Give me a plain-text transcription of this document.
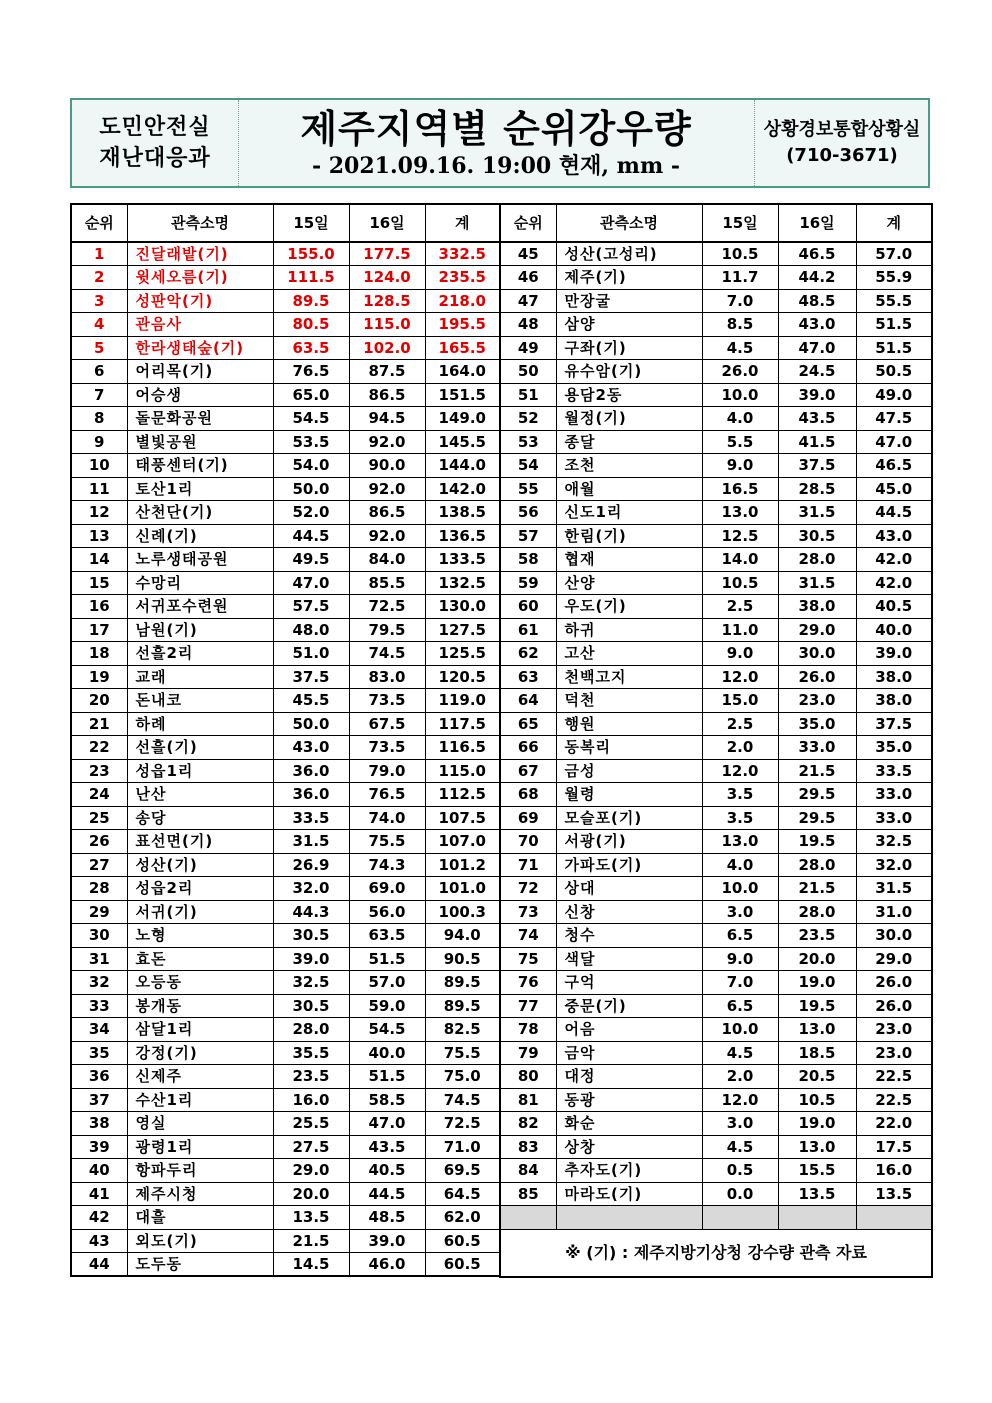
도민안전실
재난대응과
제주지역별 순위강우량
- 2021.09.16. 19:00 현재, mm -
상황경보통합상황실
(710-3671)
순위	관측소명	15일	16일	계
1	진달래밭(기)	155.0	177.5	332.5
2	윗세오름(기)	111.5	124.0	235.5
3	성판악(기)	89.5	128.5	218.0
4	관음사	80.5	115.0	195.5
5	한라생태숲(기)	63.5	102.0	165.5
6	어리목(기)	76.5	87.5	164.0
7	어승생	65.0	86.5	151.5
8	돌문화공원	54.5	94.5	149.0
9	별빛공원	53.5	92.0	145.5
10	태풍센터(기)	54.0	90.0	144.0
11	토산1리	50.0	92.0	142.0
12	산천단(기)	52.0	86.5	138.5
13	신례(기)	44.5	92.0	136.5
14	노루생태공원	49.5	84.0	133.5
15	수망리	47.0	85.5	132.5
16	서귀포수련원	57.5	72.5	130.0
17	남원(기)	48.0	79.5	127.5
18	선흘2리	51.0	74.5	125.5
19	교래	37.5	83.0	120.5
20	돈내코	45.5	73.5	119.0
21	하례	50.0	67.5	117.5
22	선흘(기)	43.0	73.5	116.5
23	성읍1리	36.0	79.0	115.0
24	난산	36.0	76.5	112.5
25	송당	33.5	74.0	107.5
26	표선면(기)	31.5	75.5	107.0
27	성산(기)	26.9	74.3	101.2
28	성읍2리	32.0	69.0	101.0
29	서귀(기)	44.3	56.0	100.3
30	노형	30.5	63.5	94.0
31	효돈	39.0	51.5	90.5
32	오등동	32.5	57.0	89.5
33	봉개동	30.5	59.0	89.5
34	삼달1리	28.0	54.5	82.5
35	강정(기)	35.5	40.0	75.5
36	신제주	23.5	51.5	75.0
37	수산1리	16.0	58.5	74.5
38	영실	25.5	47.0	72.5
39	광령1리	27.5	43.5	71.0
40	항파두리	29.0	40.5	69.5
41	제주시청	20.0	44.5	64.5
42	대흘	13.5	48.5	62.0
43	외도(기)	21.5	39.0	60.5
44	도두동	14.5	46.0	60.5
순위	관측소명	15일	16일	계
45	성산(고성리)	10.5	46.5	57.0
46	제주(기)	11.7	44.2	55.9
47	만장굴	7.0	48.5	55.5
48	삼양	8.5	43.0	51.5
49	구좌(기)	4.5	47.0	51.5
50	유수암(기)	26.0	24.5	50.5
51	용담2동	10.0	39.0	49.0
52	월정(기)	4.0	43.5	47.5
53	종달	5.5	41.5	47.0
54	조천	9.0	37.5	46.5
55	애월	16.5	28.5	45.0
56	신도1리	13.0	31.5	44.5
57	한림(기)	12.5	30.5	43.0
58	협재	14.0	28.0	42.0
59	산양	10.5	31.5	42.0
60	우도(기)	2.5	38.0	40.5
61	하귀	11.0	29.0	40.0
62	고산	9.0	30.0	39.0
63	천백고지	12.0	26.0	38.0
64	덕천	15.0	23.0	38.0
65	행원	2.5	35.0	37.5
66	동복리	2.0	33.0	35.0
67	금성	12.0	21.5	33.5
68	월령	3.5	29.5	33.0
69	모슬포(기)	3.5	29.5	33.0
70	서광(기)	13.0	19.5	32.5
71	가파도(기)	4.0	28.0	32.0
72	상대	10.0	21.5	31.5
73	신창	3.0	28.0	31.0
74	청수	6.5	23.5	30.0
75	색달	9.0	20.0	29.0
76	구억	7.0	19.0	26.0
77	중문(기)	6.5	19.5	26.0
78	어음	10.0	13.0	23.0
79	금악	4.5	18.5	23.0
80	대정	2.0	20.5	22.5
81	동광	12.0	10.5	22.5
82	화순	3.0	19.0	22.0
83	상창	4.5	13.0	17.5
84	추자도(기)	0.5	15.5	16.0
85	마라도(기)	0.0	13.5	13.5

※ (기) : 제주지방기상청 강수량 관측 자료				
